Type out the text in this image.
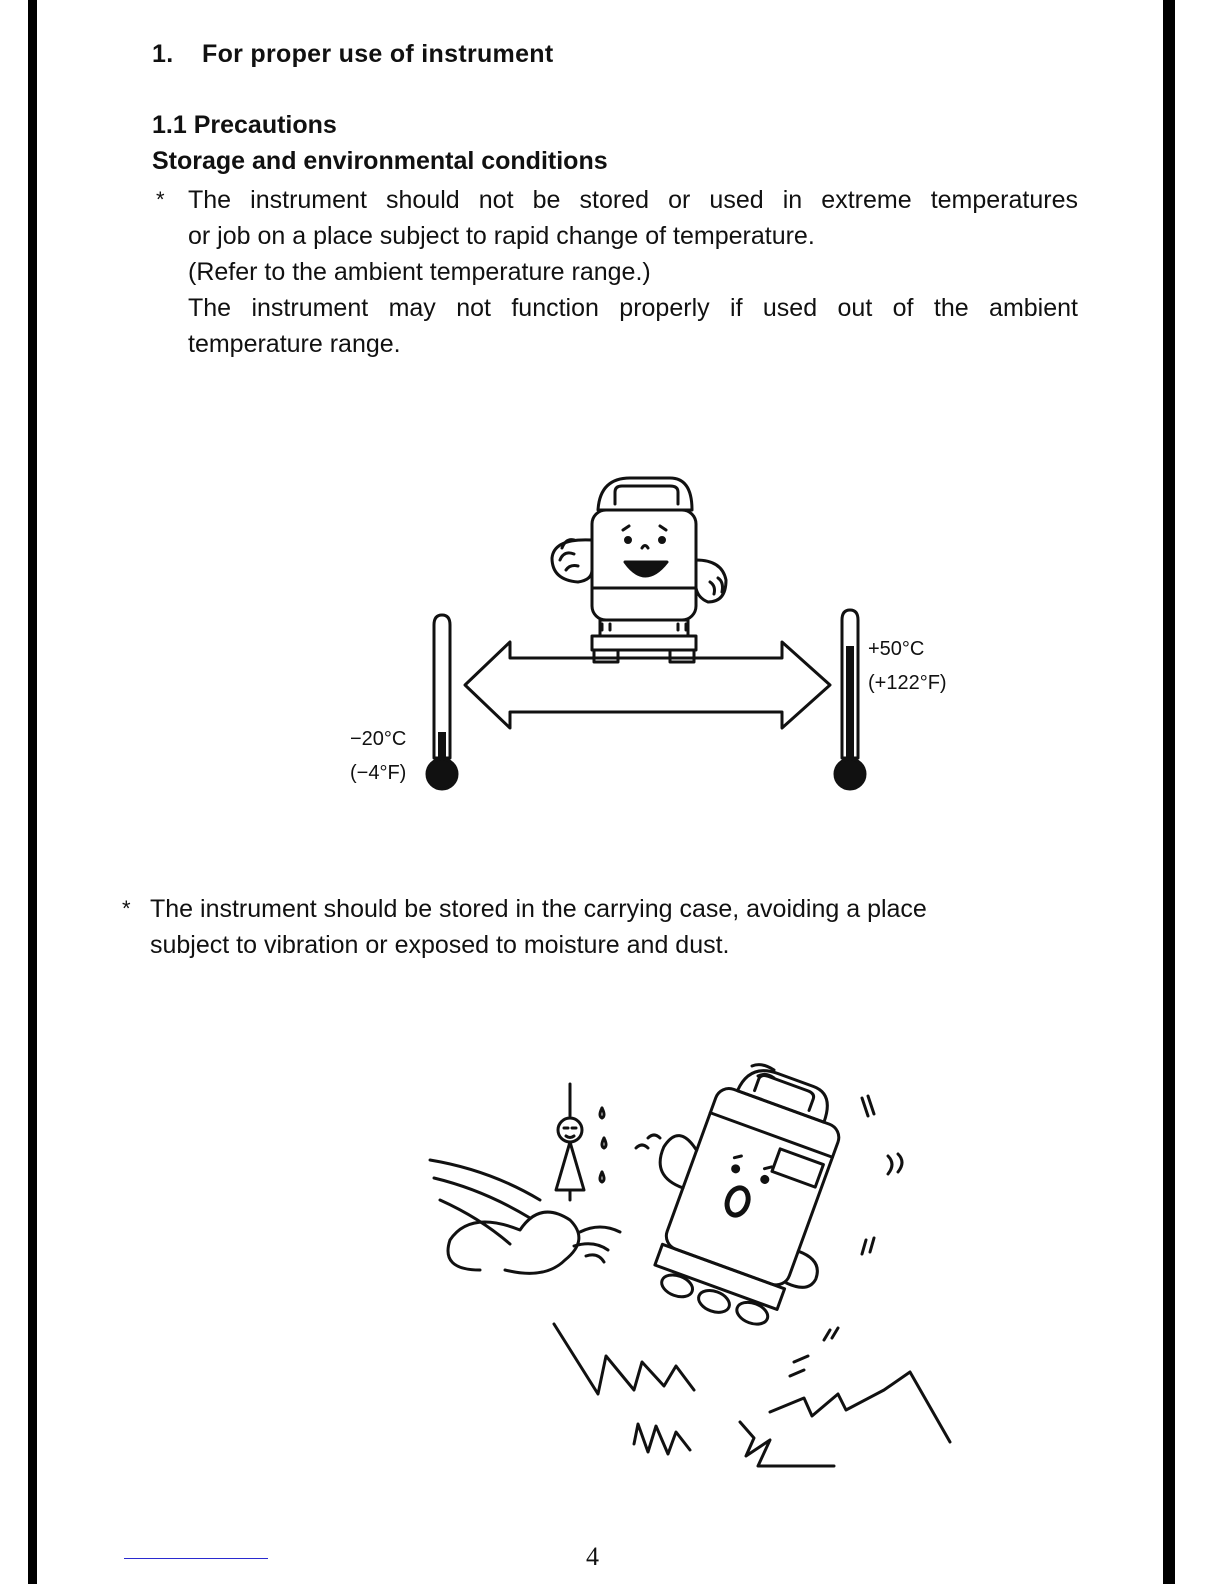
1. For proper use of instrument
1.1 Precautions
Storage and environmental conditions
* The instrument should not be stored or used in extreme temperatures
or job on a place subject to rapid change of temperature.
(Refer to the ambient temperature range.)
The instrument may not function properly if used out of the ambient
temperature range.
−20°C
(−4°F)
+50°C
(+122°F)
* The instrument should be stored in the carrying case, avoiding a place
subject to vibration or exposed to moisture and dust.
4
